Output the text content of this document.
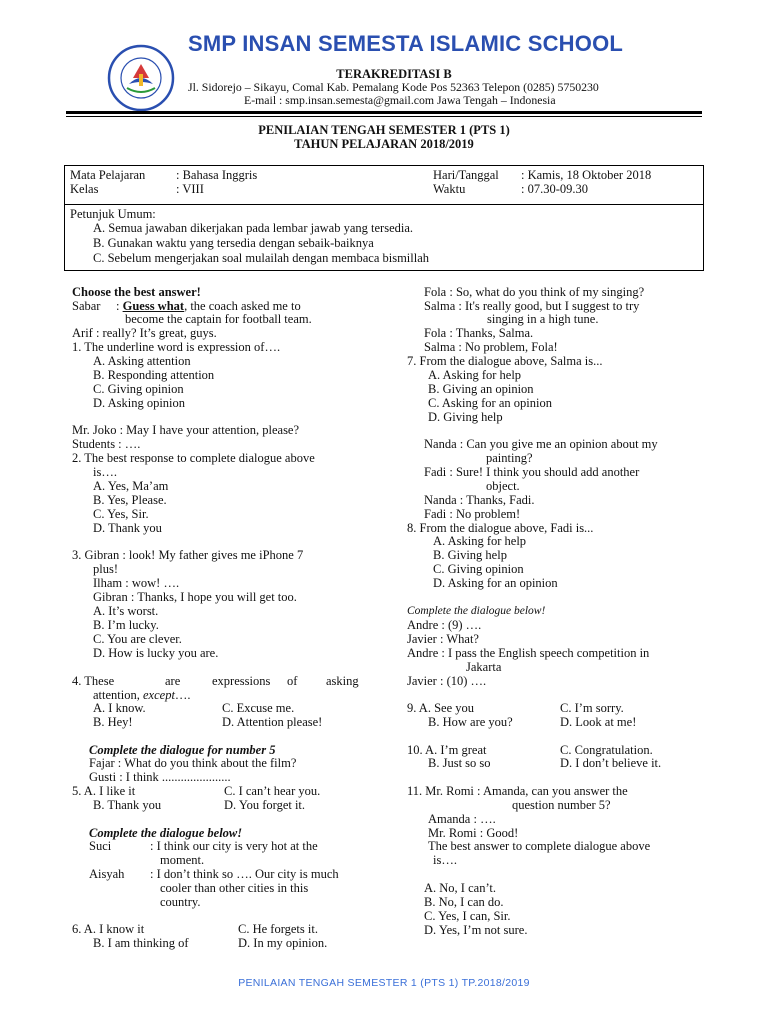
SMP INSAN SEMESTA ISLAMIC SCHOOL
TERAKREDITASI B
Jl. Sidorejo – Sikayu, Comal Kab. Pemalang Kode Pos 52363 Telepon (0285) 5750230
E-mail : smp.insan.semesta@gmail.com Jawa Tengah – Indonesia
PENILAIAN TENGAH SEMESTER 1 (PTS 1)
TAHUN PELAJARAN 2018/2019
Mata Pelajaran : Bahasa Inggris
Kelas	: VIII
Hari/Tanggal : Kamis, 18 Oktober 2018
Waktu	: 07.30-09.30
Petunjuk Umum:
A. Semua jawaban dikerjakan pada lembar jawab yang tersedia.
B. Gunakan waktu yang tersedia dengan sebaik-baiknya
C. Sebelum mengerjakan soal mulailah dengan membaca bismillah
Choose the best answer!
Sabar : Guess what, the coach asked me to
become the captain for football team.
Arif : really? It’s great, guys.
1. The underline word is expression of….
A. Asking attention
B. Responding attention
C. Giving opinion
D. Asking opinion
Mr. Joko : May I have your attention, please?
Students : ….
2. The best response to complete dialogue above
is….
A. Yes, Ma’am
B. Yes, Please.
C. Yes, Sir.
D. Thank you
3. Gibran : look! My father gives me iPhone 7
plus!
Ilham : wow! ….
Gibran : Thanks, I hope you will get too.
A. It’s worst.
B. I’m lucky.
C. You are clever.
D. How is lucky you are.
4. These	are	expressions of asking
attention, except….
A. I know.	C. Excuse me.
B. Hey!	D. Attention please!
Complete the dialogue for number 5
Fajar : What do you think about the film?
Gusti : I think ......................
5. A. I like it	C. I can’t hear you.
B. Thank you	D. You forget it.
Complete the dialogue below!
Suci	: I think our city is very hot at the
moment.
Aisyah : I don’t think so …. Our city is much
cooler than other cities in this
country.
6. A. I know it	C. He forgets it.
B. I am thinking of	D. In my opinion.
Fola : So, what do you think of my singing?
Salma : It's really good, but I suggest to try
singing in a high tune.
Fola : Thanks, Salma.
Salma : No problem, Fola!
7. From the dialogue above, Salma is...
A. Asking for help
B. Giving an opinion
C. Asking for an opinion
D. Giving help
Nanda : Can you give me an opinion about my
painting?
Fadi : Sure! I think you should add another
object.
Nanda : Thanks, Fadi.
Fadi : No problem!
8. From the dialogue above, Fadi is...
A. Asking for help
B. Giving help
C. Giving opinion
D. Asking for an opinion
Complete the dialogue below!
Andre : (9) ….
Javier : What?
Andre : I pass the English speech competition in
Jakarta
Javier : (10) ….
9. A. See you	C. I’m sorry.
B. How are you?	D. Look at me!
10. A. I’m great	C. Congratulation.
B. Just so so	D. I don’t believe it.
11. Mr. Romi : Amanda, can you answer the
question number 5?
Amanda : ….
Mr. Romi : Good!
The best answer to complete dialogue above
is….
A. No, I can’t.
B. No, I can do.
C. Yes, I can, Sir.
D. Yes, I’m not sure.
PENILAIAN TENGAH SEMESTER 1 (PTS 1) TP.2018/2019
